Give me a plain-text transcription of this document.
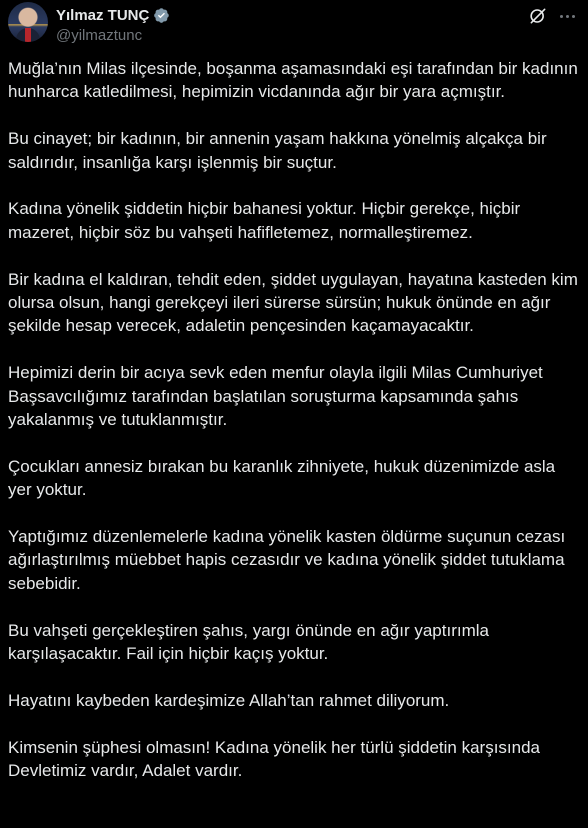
Yılmaz TUNÇ
@yilmaztunc

Muğla’nın Milas ilçesinde, boşanma aşamasındaki eşi tarafından bir kadının hunharca katledilmesi, hepimizin vicdanında ağır bir yara açmıştır.

Bu cinayet; bir kadının, bir annenin yaşam hakkına yönelmiş alçakça bir saldırıdır, insanlığa karşı işlenmiş bir suçtur.

Kadına yönelik şiddetin hiçbir bahanesi yoktur. Hiçbir gerekçe, hiçbir mazeret, hiçbir söz bu vahşeti hafifletemez, normalleştiremez.

Bir kadına el kaldıran, tehdit eden, şiddet uygulayan, hayatına kasteden kim olursa olsun, hangi gerekçeyi ileri sürerse sürsün; hukuk önünde en ağır şekilde hesap verecek, adaletin pençesinden kaçamayacaktır.

Hepimizi derin bir acıya sevk eden menfur olayla ilgili Milas Cumhuriyet Başsavcılığımız tarafından başlatılan soruşturma kapsamında şahıs yakalanmış ve tutuklanmıştır.

Çocukları annesiz bırakan bu karanlık zihniyete, hukuk düzenimizde asla yer yoktur.

Yaptığımız düzenlemelerle kadına yönelik kasten öldürme suçunun cezası ağırlaştırılmış müebbet hapis cezasıdır ve kadına yönelik şiddet tutuklama sebebidir.

Bu vahşeti gerçekleştiren şahıs, yargı önünde en ağır yaptırımla karşılaşacaktır. Fail için hiçbir kaçış yoktur.

Hayatını kaybeden kardeşimize Allah’tan rahmet diliyorum.

Kimsenin şüphesi olmasın! Kadına yönelik her türlü şiddetin karşısında Devletimiz vardır, Adalet vardır.
